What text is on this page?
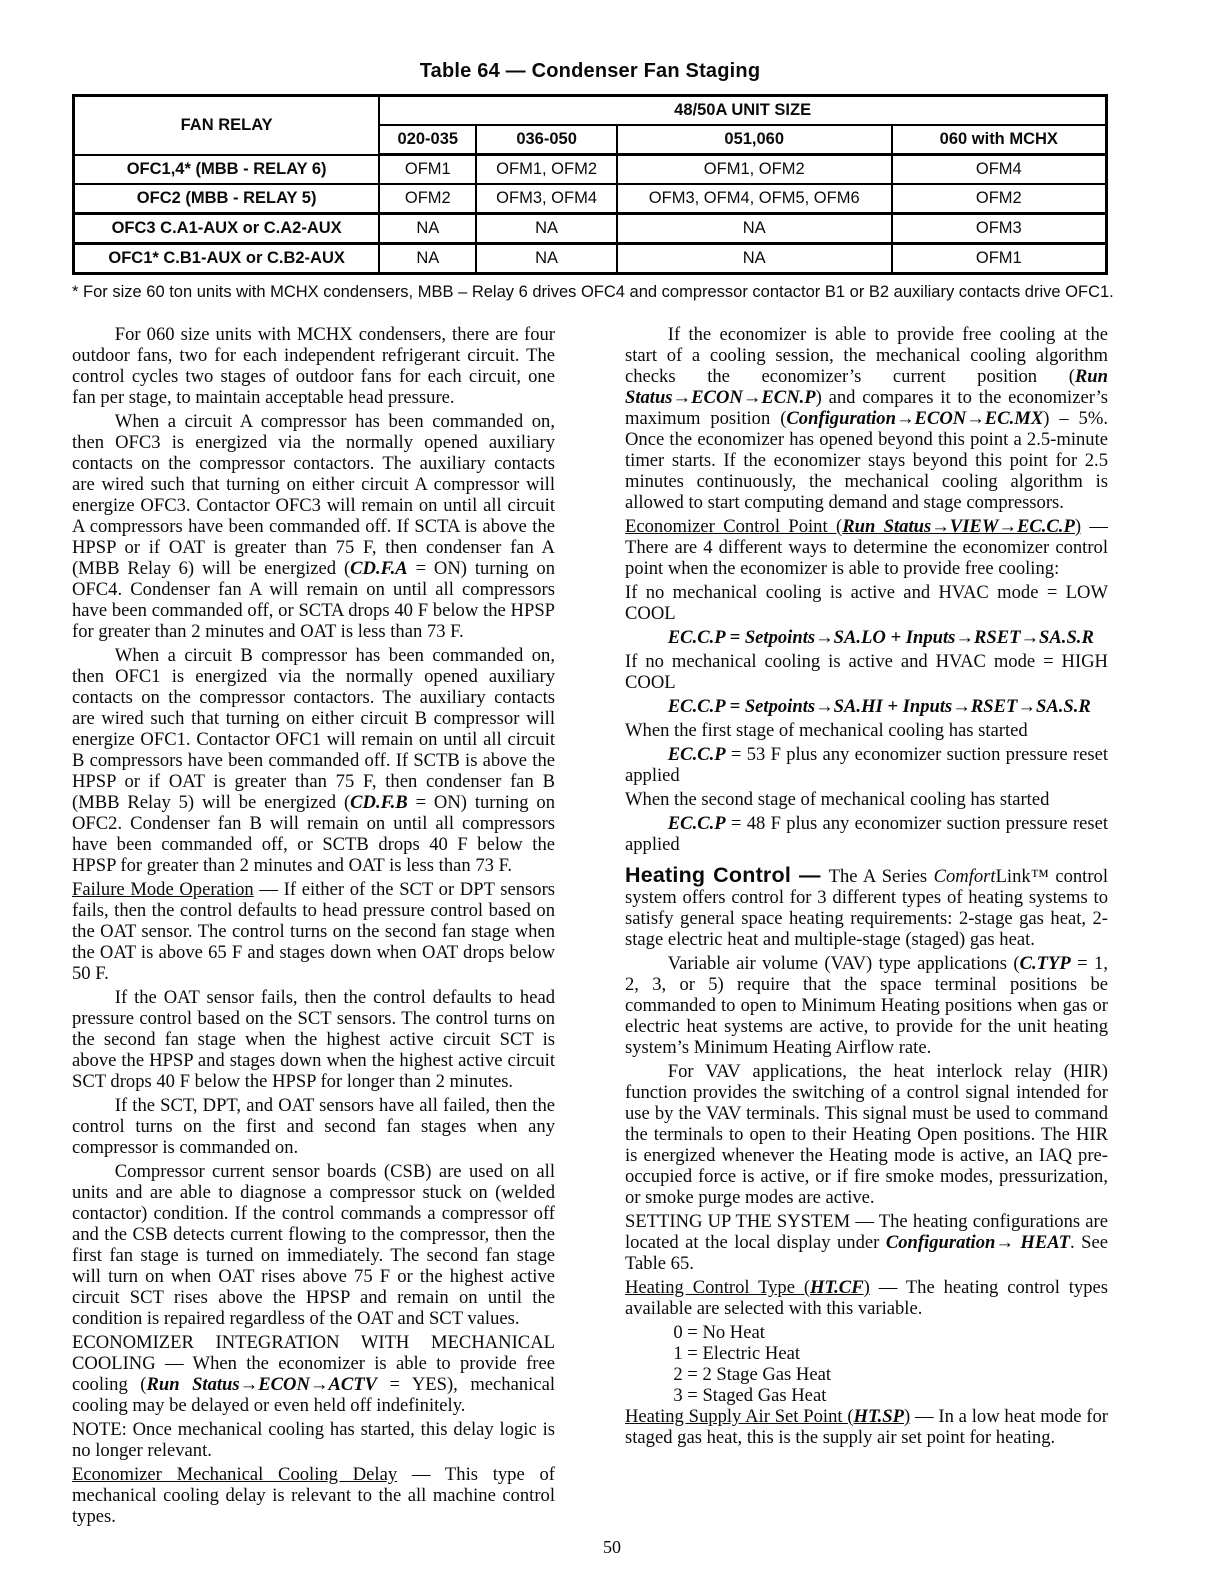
Table 64 — Condenser Fan Staging
FAN RELAY	48/50A UNIT SIZE			
	020-035	036-050	051,060	060 with MCHX
OFC1,4* (MBB - RELAY 6)	OFM1	OFM1, OFM2	OFM1, OFM2	OFM4
OFC2 (MBB - RELAY 5)	OFM2	OFM3, OFM4	OFM3, OFM4, OFM5, OFM6	OFM2
OFC3 C.A1-AUX or C.A2-AUX	NA	NA	NA	OFM3
OFC1* C.B1-AUX or C.B2-AUX	NA	NA	NA	OFM1
* For size 60 ton units with MCHX condensers, MBB – Relay 6 drives OFC4 and compressor contactor B1 or B2 auxiliary contacts drive OFC1.

For 060 size units with MCHX condensers, there are four outdoor fans, two for each independent refrigerant circuit. The control cycles two stages of outdoor fans for each circuit, one fan per stage, to maintain acceptable head pressure.

When a circuit A compressor has been commanded on, then OFC3 is energized via the normally opened auxiliary contacts on the compressor contactors. The auxiliary contacts are wired such that turning on either circuit A compressor will energize OFC3. Contactor OFC3 will remain on until all circuit A compressors have been commanded off. If SCTA is above the HPSP or if OAT is greater than 75 F, then condenser fan A (MBB Relay 6) will be energized (CD.F.A = ON) turning on OFC4. Condenser fan A will remain on until all compressors have been commanded off, or SCTA drops 40 F below the HPSP for greater than 2 minutes and OAT is less than 73 F.

When a circuit B compressor has been commanded on, then OFC1 is energized via the normally opened auxiliary contacts on the compressor contactors. The auxiliary contacts are wired such that turning on either circuit B compressor will energize OFC1. Contactor OFC1 will remain on until all circuit B compressors have been commanded off. If SCTB is above the HPSP or if OAT is greater than 75 F, then condenser fan B (MBB Relay 5) will be energized (CD.F.B = ON) turning on OFC2. Condenser fan B will remain on until all compressors have been commanded off, or SCTB drops 40 F below the HPSP for greater than 2 minutes and OAT is less than 73 F.

Failure Mode Operation — If either of the SCT or DPT sensors fails, then the control defaults to head pressure control based on the OAT sensor. The control turns on the second fan stage when the OAT is above 65 F and stages down when OAT drops below 50 F.

If the OAT sensor fails, then the control defaults to head pressure control based on the SCT sensors. The control turns on the second fan stage when the highest active circuit SCT is above the HPSP and stages down when the highest active circuit SCT drops 40 F below the HPSP for longer than 2 minutes.

If the SCT, DPT, and OAT sensors have all failed, then the control turns on the first and second fan stages when any compressor is commanded on.

Compressor current sensor boards (CSB) are used on all units and are able to diagnose a compressor stuck on (welded contactor) condition. If the control commands a compressor off and the CSB detects current flowing to the compressor, then the first fan stage is turned on immediately. The second fan stage will turn on when OAT rises above 75 F or the highest active circuit SCT rises above the HPSP and remain on until the condition is repaired regardless of the OAT and SCT values.

ECONOMIZER INTEGRATION WITH MECHANICAL COOLING — When the economizer is able to provide free cooling (Run Status→ECON→ACTV = YES), mechanical cooling may be delayed or even held off indefinitely.

NOTE: Once mechanical cooling has started, this delay logic is no longer relevant.

Economizer Mechanical Cooling Delay — This type of mechanical cooling delay is relevant to the all machine control types.

If the economizer is able to provide free cooling at the start of a cooling session, the mechanical cooling algorithm checks the economizer’s current position (Run Status→ECON→ECN.P) and compares it to the economizer’s maximum position (Configuration→ECON→EC.MX) – 5%. Once the economizer has opened beyond this point a 2.5-minute timer starts. If the economizer stays beyond this point for 2.5 minutes continuously, the mechanical cooling algorithm is allowed to start computing demand and stage compressors.

Economizer Control Point (Run Status→VIEW→EC.C.P) — There are 4 different ways to determine the economizer control point when the economizer is able to provide free cooling:

If no mechanical cooling is active and HVAC mode = LOW COOL

EC.C.P = Setpoints→SA.LO + Inputs→RSET→SA.S.R

If no mechanical cooling is active and HVAC mode = HIGH COOL

EC.C.P = Setpoints→SA.HI + Inputs→RSET→SA.S.R

When the first stage of mechanical cooling has started

EC.C.P = 53 F plus any economizer suction pressure reset applied

When the second stage of mechanical cooling has started

EC.C.P = 48 F plus any economizer suction pressure reset applied

Heating Control — The A Series ComfortLink™ control system offers control for 3 different types of heating systems to satisfy general space heating requirements: 2-stage gas heat, 2-stage electric heat and multiple-stage (staged) gas heat.

Variable air volume (VAV) type applications (C.TYP = 1, 2, 3, or 5) require that the space terminal positions be commanded to open to Minimum Heating positions when gas or electric heat systems are active, to provide for the unit heating system’s Minimum Heating Airflow rate.

For VAV applications, the heat interlock relay (HIR) function provides the switching of a control signal intended for use by the VAV terminals. This signal must be used to command the terminals to open to their Heating Open positions. The HIR is energized whenever the Heating mode is active, an IAQ pre-occupied force is active, or if fire smoke modes, pressurization, or smoke purge modes are active.

SETTING UP THE SYSTEM — The heating configurations are located at the local display under Configuration→ HEAT. See Table 65.

Heating Control Type (HT.CF) — The heating control types available are selected with this variable.

0 = No Heat

1 = Electric Heat

2 = 2 Stage Gas Heat

3 = Staged Gas Heat

Heating Supply Air Set Point (HT.SP) — In a low heat mode for staged gas heat, this is the supply air set point for heating.

50
